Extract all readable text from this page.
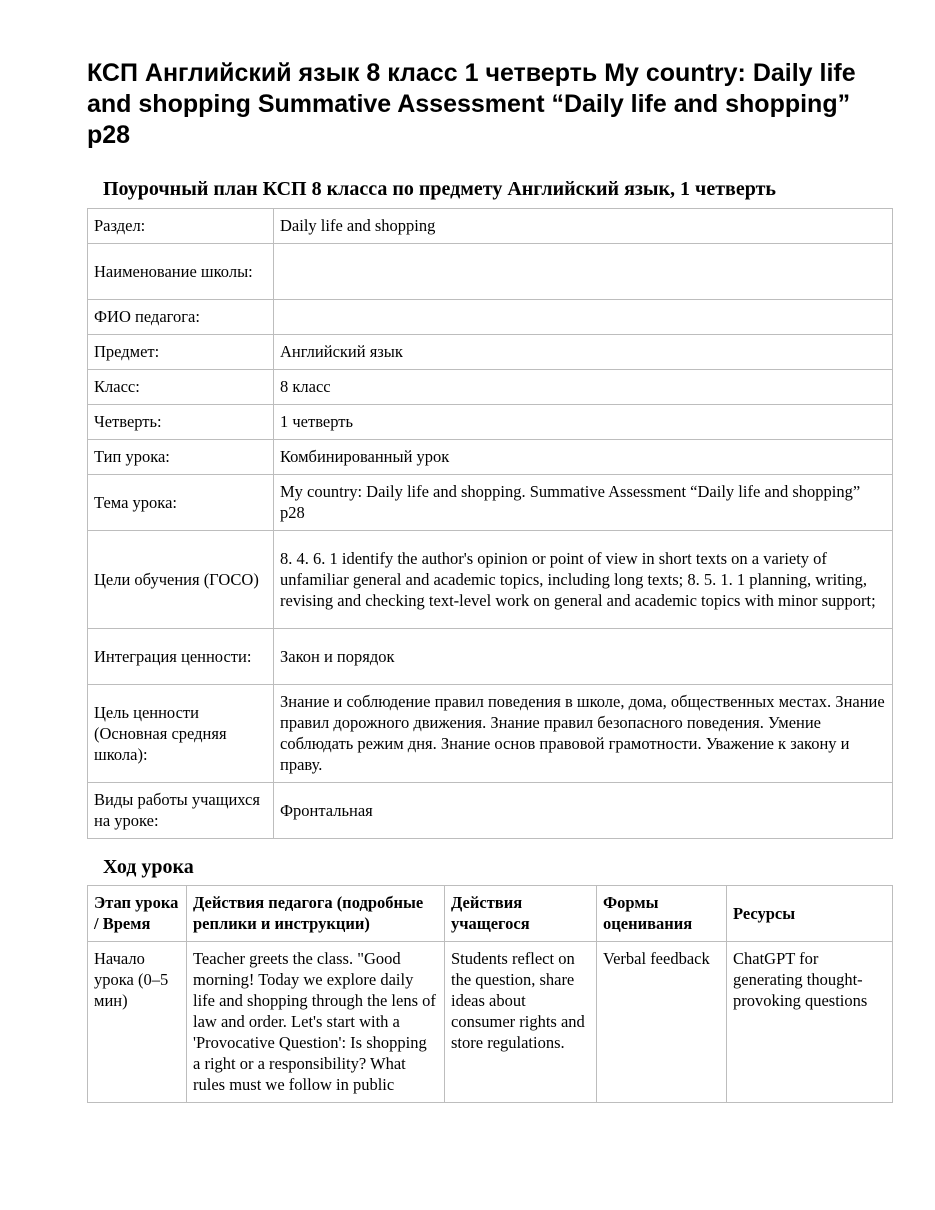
КСП Английский язык 8 класс 1 четверть My country: Daily life and shopping Summative Assessment “Daily life and shopping” p28
Поурочный план КСП 8 класса по предмету Английский язык, 1 четверть
Раздел:	Daily life and shopping
Наименование школы:	
ФИО педагога:	
Предмет:	Английский язык
Класс:	8 класс
Четверть:	1 четверть
Тип урока:	Комбинированный урок
Тема урока:	My country: Daily life and shopping. Summative Assessment “Daily life and shopping” p28
Цели обучения (ГОСО)	8. 4. 6. 1 identify the author's opinion or point of view in short texts on a variety of unfamiliar general and academic topics, including long texts; 8. 5. 1. 1 planning, writing, revising and checking text-level work on general and academic topics with minor support;
Интеграция ценности:	Закон и порядок
Цель ценности (Основная средняя школа):	Знание и соблюдение правил поведения в школе, дома, общественных местах. Знание правил дорожного движения. Знание правил безопасного поведения. Умение соблюдать режим дня. Знание основ правовой грамотности. Уважение к закону и праву.
Виды работы учащихся на уроке:	Фронтальная
Ход урока
Этап урока / Время	Действия педагога (подробные реплики и инструкции)	Действия учащегося	Формы оценивания	Ресурсы
Начало урока (0–5 мин)	Teacher greets the class. "Good morning! Today we explore daily life and shopping through the lens of law and order. Let's start with a 'Provocative Question': Is shopping a right or a responsibility? What rules must we follow in public	Students reflect on the question, share ideas about consumer rights and store regulations.	Verbal feedback	ChatGPT for generating thought-provoking questions
